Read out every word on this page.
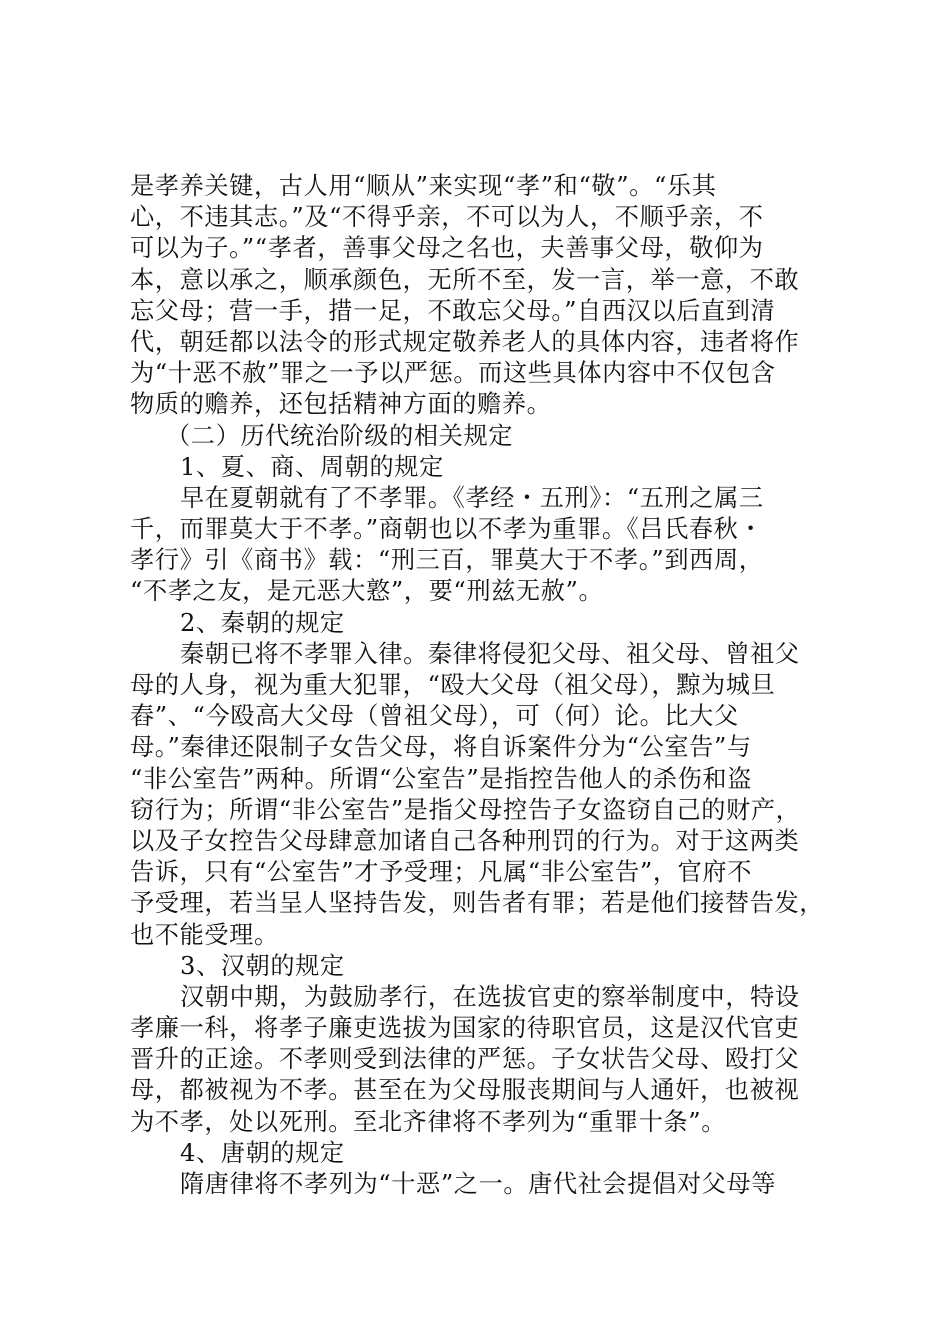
是孝养关键，古人用“顺从”来实现“孝”和“敬”。“乐其
心，不违其志。”及“不得乎亲，不可以为人，不顺乎亲，不
可以为子。”“孝者，善事父母之名也，夫善事父母，敬仰为
本，意以承之，顺承颜色，无所不至，发一言，举一意，不敢
忘父母；营一手，措一足，不敢忘父母。”自西汉以后直到清
代，朝廷都以法令的形式规定敬养老人的具体内容，违者将作
为“十恶不赦”罪之一予以严惩。而这些具体内容中不仅包含
物质的赡养，还包括精神方面的赡养。
（二）历代统治阶级的相关规定
1、夏、商、周朝的规定
早在夏朝就有了不孝罪。《孝经・五刑》：“五刑之属三
千，而罪莫大于不孝。”商朝也以不孝为重罪。《吕氏春秋・
孝行》引《商书》载：“刑三百，罪莫大于不孝。”到西周，
“不孝之友，是元恶大憝”，要“刑兹无赦”。
2、秦朝的规定
秦朝已将不孝罪入律。秦律将侵犯父母、祖父母、曾祖父
母的人身，视为重大犯罪，“殴大父母（祖父母），黥为城旦
舂”、“今殴高大父母（曾祖父母），可（何）论。比大父
母。”秦律还限制子女告父母，将自诉案件分为“公室告”与
“非公室告”两种。所谓“公室告”是指控告他人的杀伤和盗
窃行为；所谓“非公室告”是指父母控告子女盗窃自己的财产，
以及子女控告父母肆意加诸自己各种刑罚的行为。对于这两类
告诉，只有“公室告”才予受理；凡属“非公室告”，官府不
予受理，若当呈人坚持告发，则告者有罪；若是他们接替告发，
也不能受理。
3、汉朝的规定
汉朝中期，为鼓励孝行，在选拔官吏的察举制度中，特设
孝廉一科，将孝子廉吏选拔为国家的待职官员，这是汉代官吏
晋升的正途。不孝则受到法律的严惩。子女状告父母、殴打父
母，都被视为不孝。甚至在为父母服丧期间与人通奸，也被视
为不孝，处以死刑。至北齐律将不孝列为“重罪十条”。
4、唐朝的规定
隋唐律将不孝列为“十恶”之一。唐代社会提倡对父母等
